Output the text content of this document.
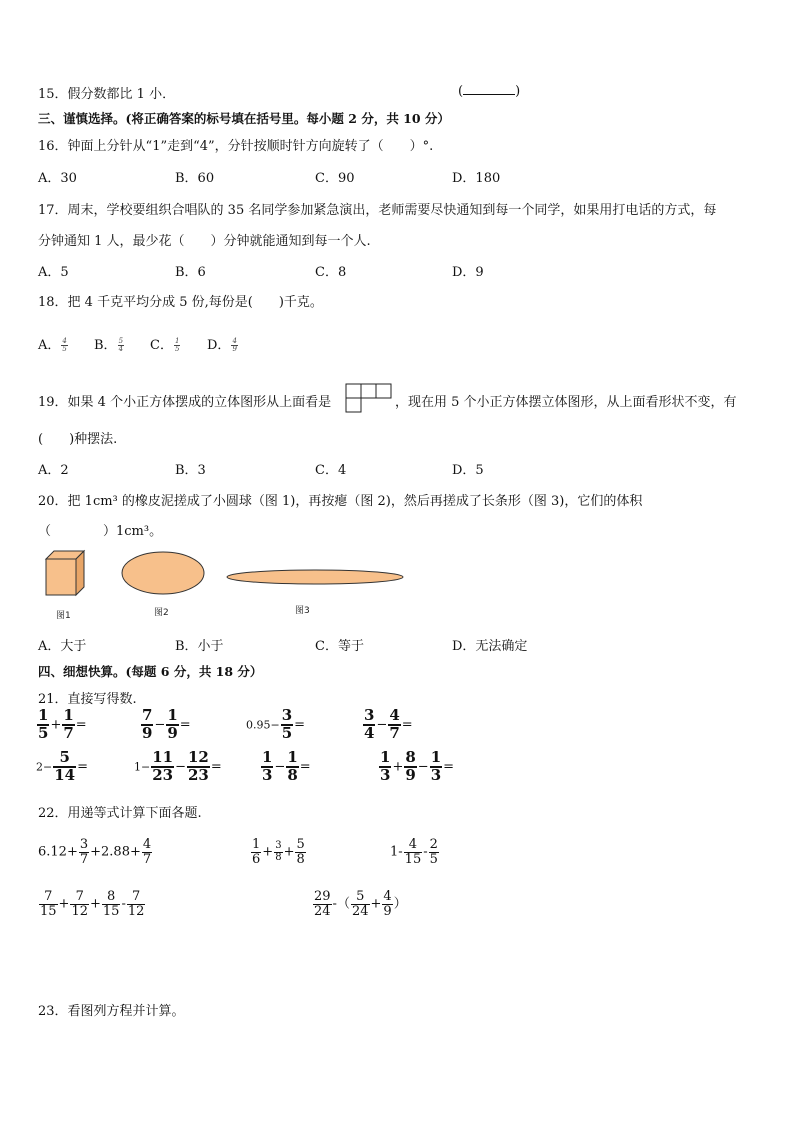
15．假分数都比 1 小．	(	)
三、谨慎选择。(将正确答案的标号填在括号里。每小题 2 分，共 10 分）
16．钟面上分针从“1”走到“4”，分针按顺时针方向旋转了（　　）°.
A．30	B．60	C．90	D．180
17．周末，学校要组织合唱队的 35 名同学参加紧急演出，老师需要尽快通知到每一个同学，如果用打电话的方式，每
分钟通知 1 人，最少花（　　）分钟就能通知到每一个人.
A．5	B．6	C．8	D．9
18．把 4 千克平均分成 5 份,每份是(　　)千克。
A． $\frac{4}{5}$ B． $\frac{5}{4}$ C． $\frac{1}{5}$ D． $\frac{4}{9}$
19．如果 4 个小正方体摆成的立体图形从上面看是	，现在用 5 个小正方体摆立体图形，从上面看形状不变，有
(　　)种摆法.
A．2	B．3	C．4	D．5
20．把 1cm³ 的橡皮泥搓成了小圆球（图 1)，再按瘪（图 2)，然后再搓成了长条形（图 3)，它们的体积
（　　　　）1cm³。
图1	图2	图3
A．大于	B．小于	C．等于	D．无法确定
四、细想快算。(每题 6 分，共 18 分）
21．直接写得数.
$\frac{1}{5} + \frac{1}{7}$ =	$\frac{7}{9} - \frac{1}{9}$ =	$0.95- \frac{3}{5}$ =	$\frac{3}{4} - \frac{4}{7}$ =
$2- \frac{5}{14}$ =	$1- \frac{11}{23} - \frac{12}{23}$ =	$\frac{1}{3} - \frac{1}{8}$ =	$\frac{1}{3} + \frac{8}{9} - \frac{1}{3}$ =
22．用递等式计算下面各题.
$6.12+ \frac{3}{7} +2.88+ \frac{4}{7}$	$\frac{1}{6} + \frac{3}{8} + \frac{5}{8}$	$1- \frac{4}{15} - \frac{2}{5}$
$\frac{7}{15} + \frac{7}{12} + \frac{8}{15} - \frac{7}{12}$	$\frac{29}{24}$ -（ $\frac{5}{24} + \frac{4}{9}$ ）
23．看图列方程并计算。
